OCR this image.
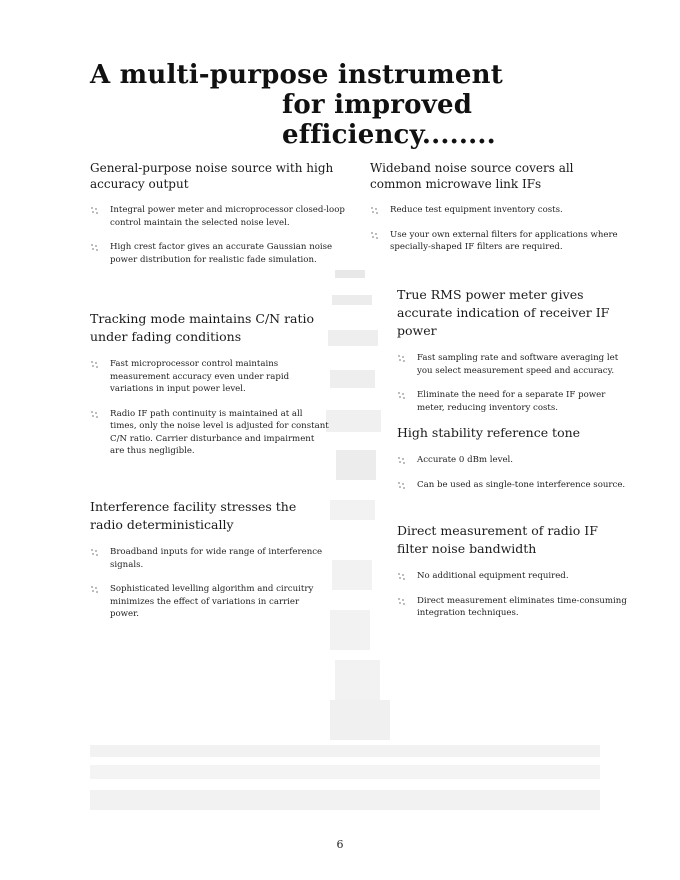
A multi-purpose instrument
for improved efficiency........
General-purpose noise source with high accuracy output
Integral power meter and microprocessor closed-loop control maintain the selected noise level.
High crest factor gives an accurate Gaussian noise power distribution for realistic fade simulation.
Tracking mode maintains C/N ratio under fading conditions
Fast microprocessor control maintains measurement accuracy even under rapid variations in input power level.
Radio IF path continuity is maintained at all times, only the noise level is adjusted for constant C/N ratio. Carrier disturbance and impairment are thus negligible.
Interference facility stresses the radio deterministically
Broadband inputs for wide range of interference signals.
Sophisticated levelling algorithm and circuitry minimizes the effect of variations in carrier power.
Wideband noise source covers all common microwave link IFs
Reduce test equipment inventory costs.
Use your own external filters for applications where specially-shaped IF filters are required.
True RMS power meter gives accurate indication of receiver IF power
Fast sampling rate and software averaging let you select measurement speed and accuracy.
Eliminate the need for a separate IF power meter, reducing inventory costs.
High stability reference tone
Accurate 0 dBm level.
Can be used as single-tone interference source.
Direct measurement of radio IF filter noise bandwidth
No additional equipment required.
Direct measurement eliminates time-consuming integration techniques.
6
